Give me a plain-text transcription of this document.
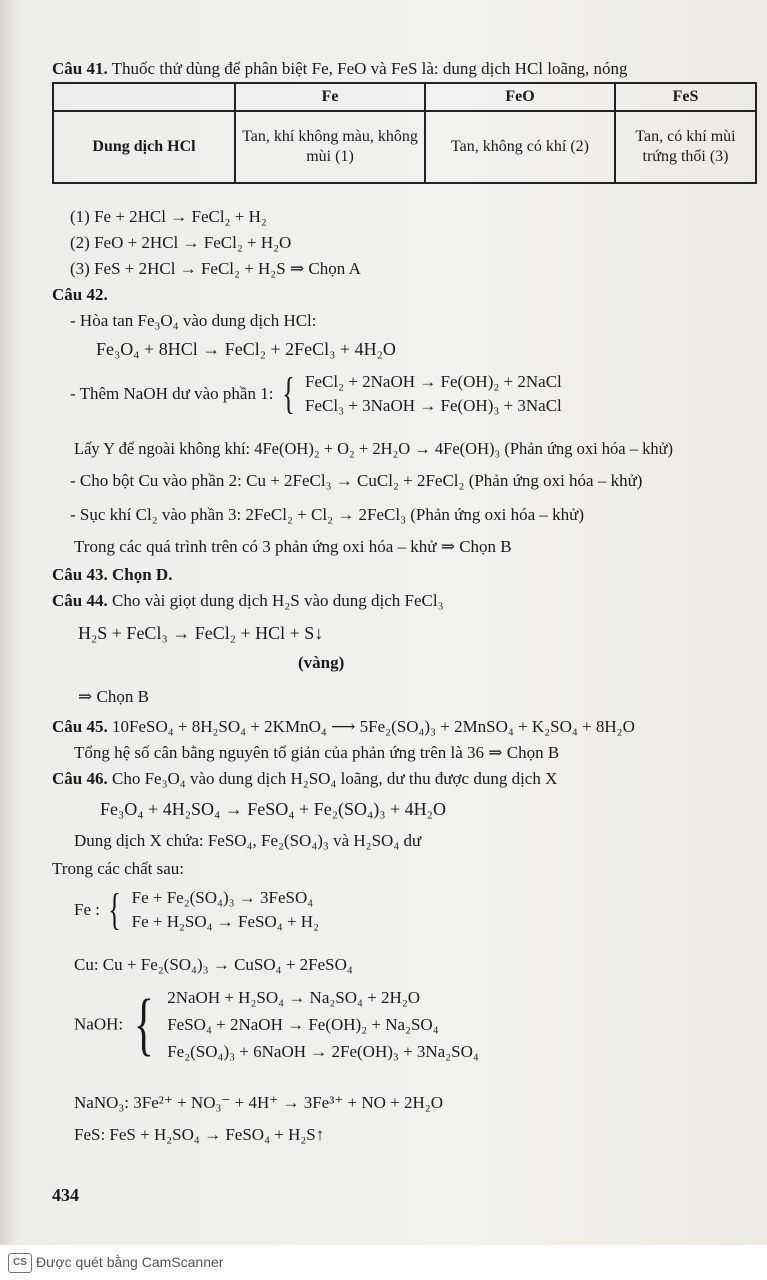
Câu 41. Thuốc thử dùng để phân biệt Fe, FeO và FeS là: dung dịch HCl loãng, nóng
	Fe	FeO	FeS
Dung dịch HCl	Tan, khí không màu, không mùi (1)	Tan, không có khí (2)	Tan, có khí mùi trứng thối (3)
(1) Fe + 2HCl → FeCl₂ + H₂
(2) FeO + 2HCl → FeCl₂ + H₂O
(3) FeS + 2HCl → FeCl₂ + H₂S ⇒ Chọn A
Câu 42.
- Hòa tan Fe₃O₄ vào dung dịch HCl:
Fe₃O₄ + 8HCl → FeCl₂ + 2FeCl₃ + 4H₂O
- Thêm NaOH dư vào phần 1: { FeCl₂ + 2NaOH → Fe(OH)₂ + 2NaCl
FeCl₃ + 3NaOH → Fe(OH)₃ + 3NaCl
Lấy Y để ngoài không khí: 4Fe(OH)₂ + O₂ + 2H₂O → 4Fe(OH)₃ (Phản ứng oxi hóa – khử)
- Cho bột Cu vào phần 2: Cu + 2FeCl₃ → CuCl₂ + 2FeCl₂ (Phản ứng oxi hóa – khử)
- Sục khí Cl₂ vào phần 3: 2FeCl₂ + Cl₂ → 2FeCl₃ (Phản ứng oxi hóa – khử)
Trong các quá trình trên có 3 phản ứng oxi hóa – khử ⇒ Chọn B
Câu 43. Chọn D.
Câu 44. Cho vài giọt dung dịch H₂S vào dung dịch FeCl₃
H₂S + FeCl₃ → FeCl₂ + HCl + S↓
(vàng)
⇒ Chọn B
Câu 45. 10FeSO₄ + 8H₂SO₄ + 2KMnO₄ ⟶ 5Fe₂(SO₄)₃ + 2MnSO₄ + K₂SO₄ + 8H₂O
Tổng hệ số cân bằng nguyên tố giản của phản ứng trên là 36 ⇒ Chọn B
Câu 46. Cho Fe₃O₄ vào dung dịch H₂SO₄ loãng, dư thu được dung dịch X
Fe₃O₄ + 4H₂SO₄ → FeSO₄ + Fe₂(SO₄)₃ + 4H₂O
Dung dịch X chứa: FeSO₄, Fe₂(SO₄)₃ và H₂SO₄ dư
Trong các chất sau:
Fe : { Fe + Fe₂(SO₄)₃ → 3FeSO₄
Fe + H₂SO₄ → FeSO₄ + H₂
Cu: Cu + Fe₂(SO₄)₃ → CuSO₄ + 2FeSO₄
NaOH: { 2NaOH + H₂SO₄ → Na₂SO₄ + 2H₂O
FeSO₄ + 2NaOH → Fe(OH)₂ + Na₂SO₄
Fe₂(SO₄)₃ + 6NaOH → 2Fe(OH)₃ + 3Na₂SO₄
NaNO₃: 3Fe²⁺ + NO₃⁻ + 4H⁺ → 3Fe³⁺ + NO + 2H₂O
FeS: FeS + H₂SO₄ → FeSO₄ + H₂S↑
434
CS Được quét bằng CamScanner
